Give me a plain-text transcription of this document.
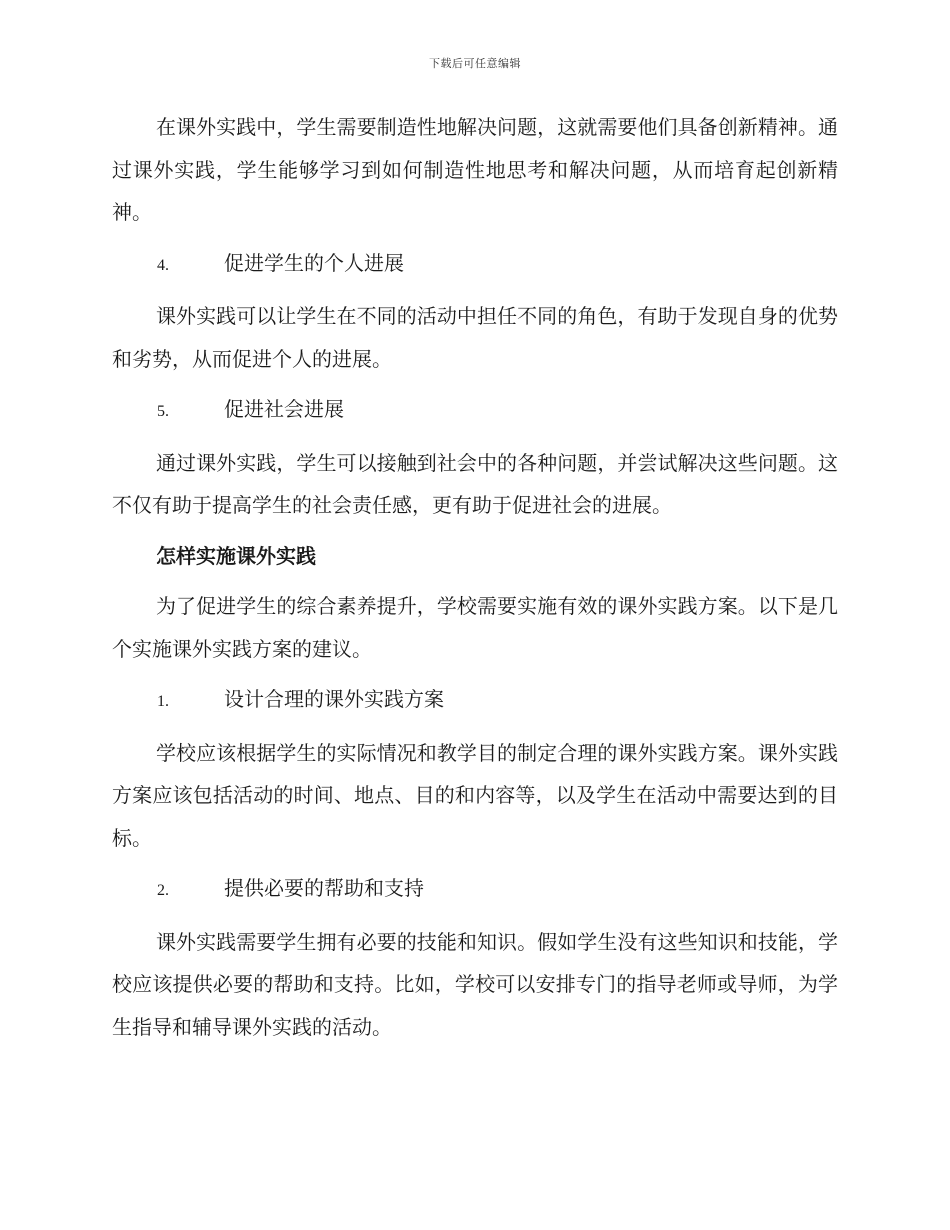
下载后可任意编辑

在课外实践中，学生需要制造性地解决问题，这就需要他们具备创新精神。通过课外实践，学生能够学习到如何制造性地思考和解决问题，从而培育起创新精神。

4.	促进学生的个人进展

课外实践可以让学生在不同的活动中担任不同的角色，有助于发现自身的优势和劣势，从而促进个人的进展。

5.	促进社会进展

通过课外实践，学生可以接触到社会中的各种问题，并尝试解决这些问题。这不仅有助于提高学生的社会责任感，更有助于促进社会的进展。

怎样实施课外实践

为了促进学生的综合素养提升，学校需要实施有效的课外实践方案。以下是几个实施课外实践方案的建议。

1.	设计合理的课外实践方案

学校应该根据学生的实际情况和教学目的制定合理的课外实践方案。课外实践方案应该包括活动的时间、地点、目的和内容等，以及学生在活动中需要达到的目标。

2.	提供必要的帮助和支持

课外实践需要学生拥有必要的技能和知识。假如学生没有这些知识和技能，学校应该提供必要的帮助和支持。比如，学校可以安排专门的指导老师或导师，为学生指导和辅导课外实践的活动。
